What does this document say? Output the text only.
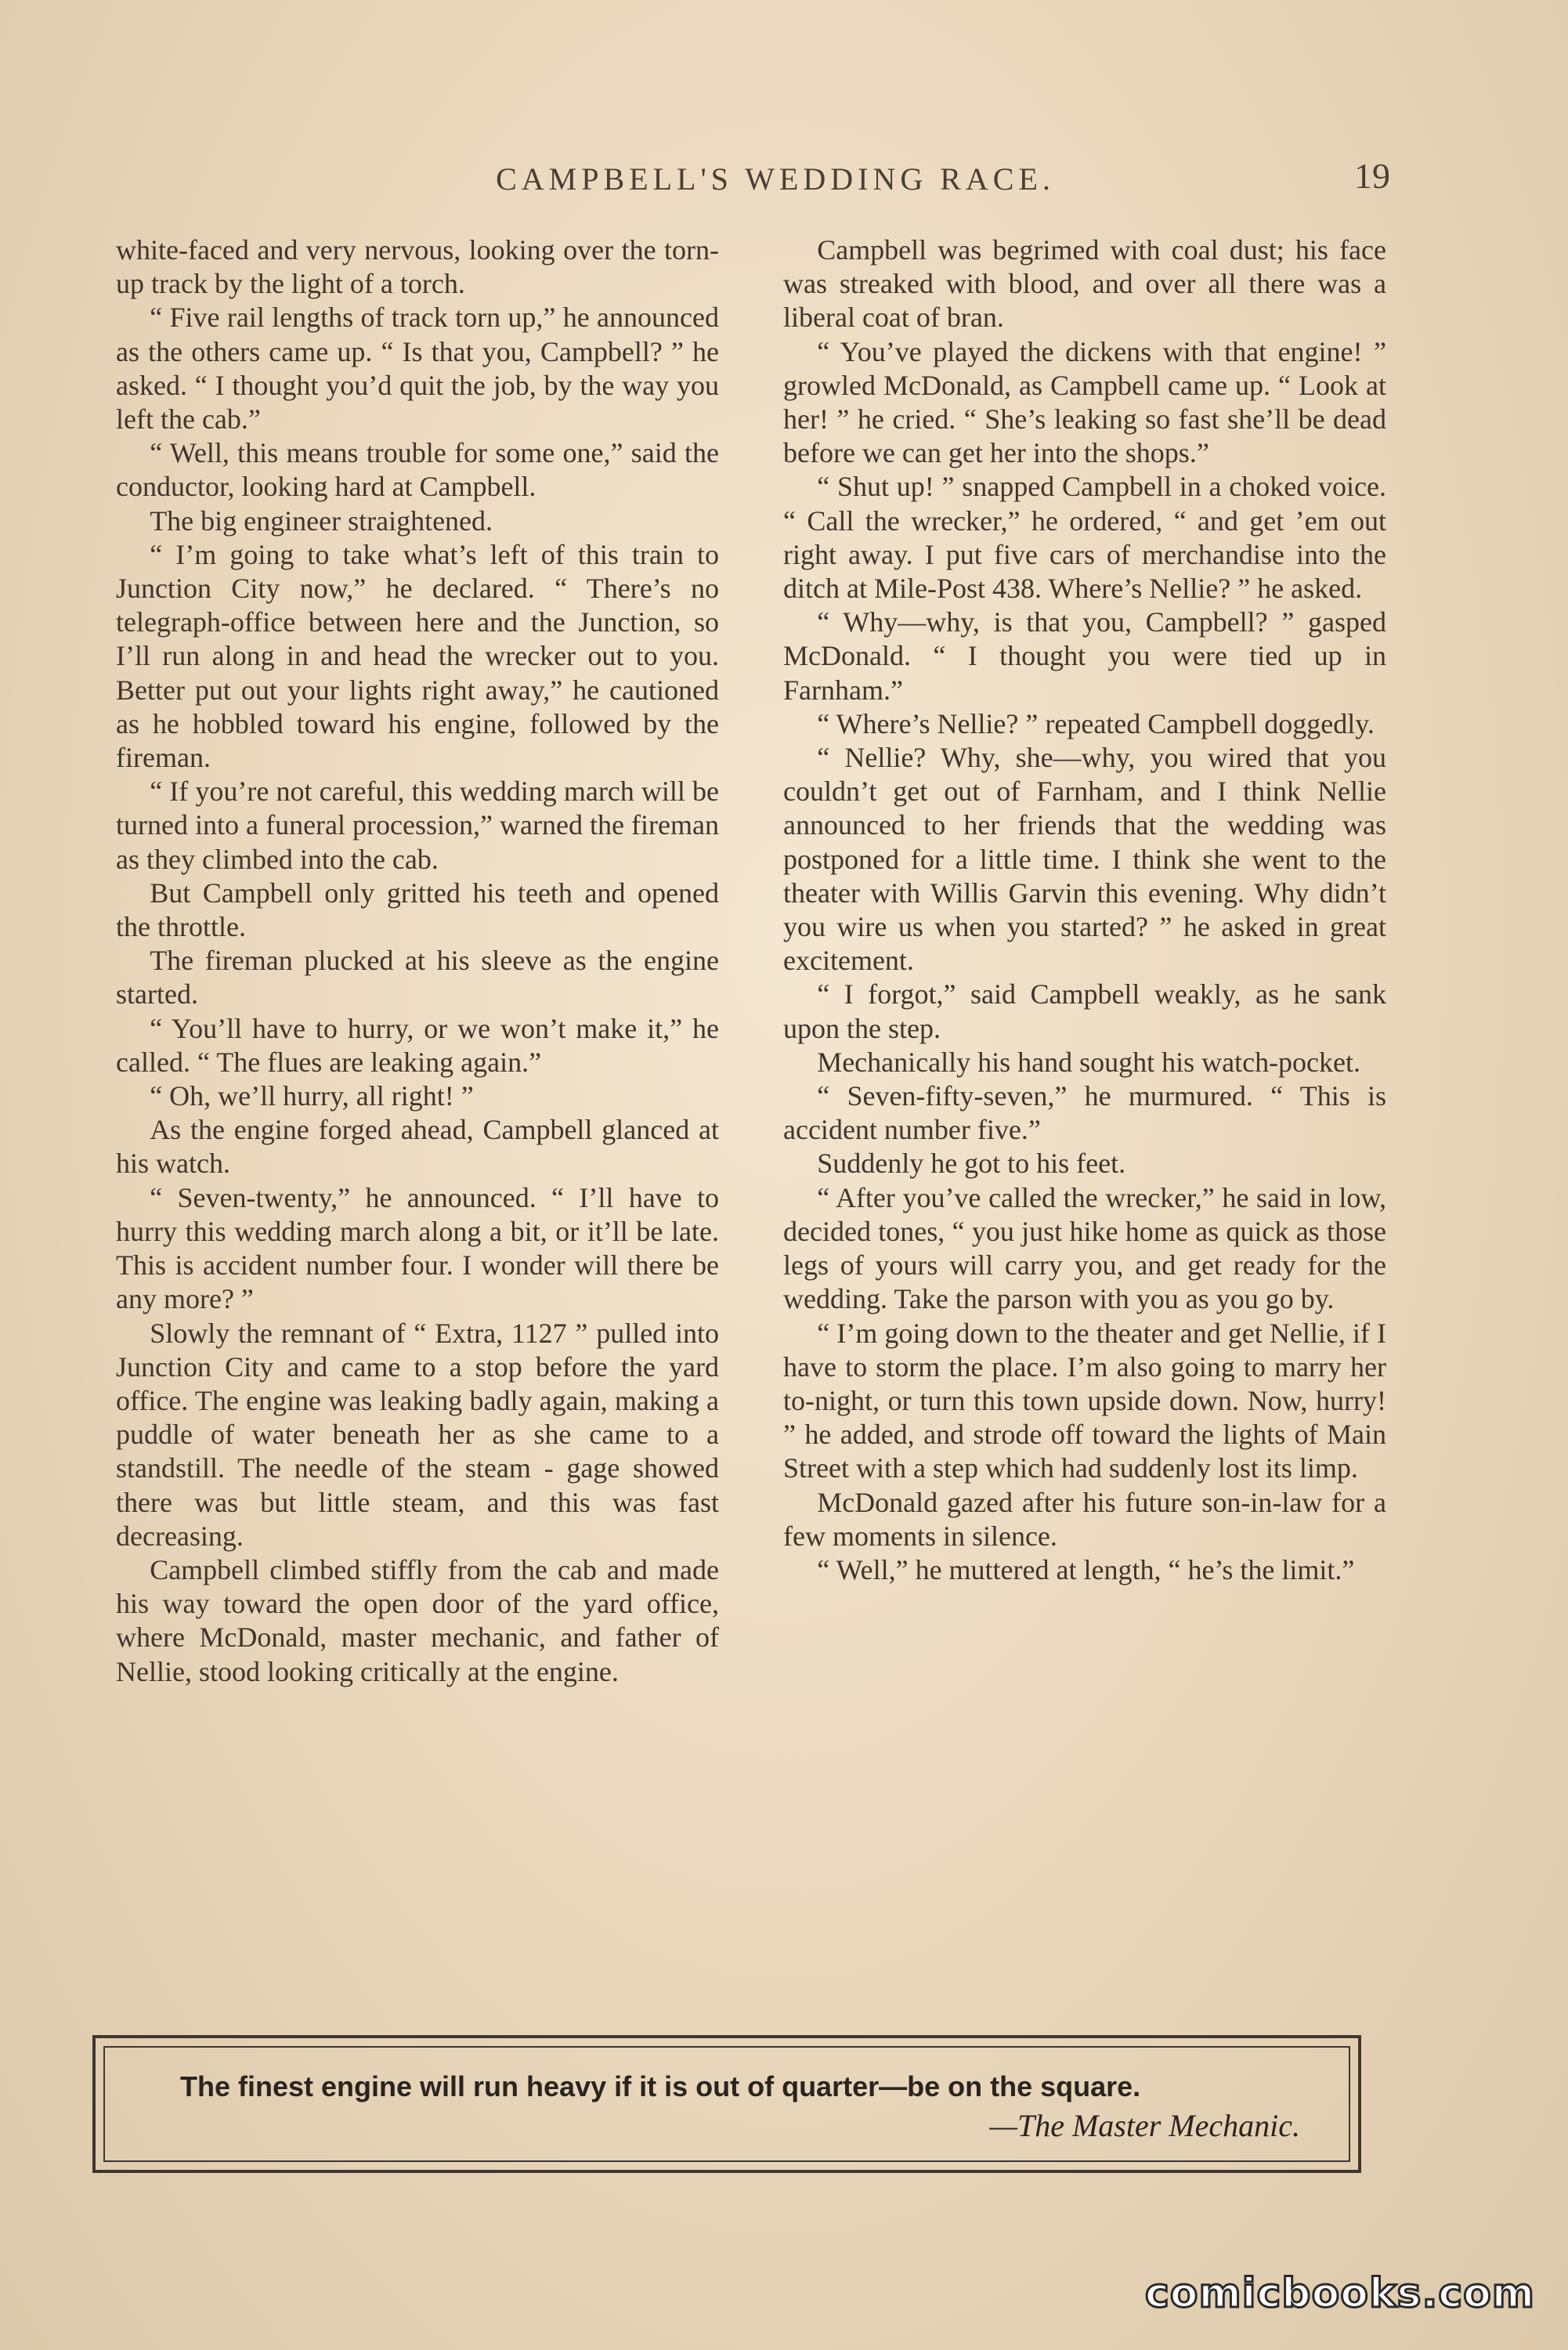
CAMPBELL'S WEDDING RACE.	19

white-faced and very nervous, looking over the torn-up track by the light of a torch.

“ Five rail lengths of track torn up,” he announced as the others came up. “ Is that you, Campbell? ” he asked. “ I thought you’d quit the job, by the way you left the cab.”

“ Well, this means trouble for some one,” said the conductor, looking hard at Campbell.

The big engineer straightened.

“ I’m going to take what’s left of this train to Junction City now,” he declared. “ There’s no telegraph-office between here and the Junction, so I’ll run along in and head the wrecker out to you. Better put out your lights right away,” he cautioned as he hobbled toward his engine, followed by the fireman.

“ If you’re not careful, this wedding march will be turned into a funeral procession,” warned the fireman as they climbed into the cab.

But Campbell only gritted his teeth and opened the throttle.

The fireman plucked at his sleeve as the engine started.

“ You’ll have to hurry, or we won’t make it,” he called. “ The flues are leaking again.”

“ Oh, we’ll hurry, all right! ”

As the engine forged ahead, Campbell glanced at his watch.

“ Seven-twenty,” he announced. “ I’ll have to hurry this wedding march along a bit, or it’ll be late. This is accident number four. I wonder will there be any more? ”

Slowly the remnant of “ Extra, 1127 ” pulled into Junction City and came to a stop before the yard office. The engine was leaking badly again, making a puddle of water beneath her as she came to a standstill. The needle of the steam - gage showed there was but little steam, and this was fast decreasing.

Campbell climbed stiffly from the cab and made his way toward the open door of the yard office, where McDonald, master mechanic, and father of Nellie, stood looking critically at the engine.

Campbell was begrimed with coal dust; his face was streaked with blood, and over all there was a liberal coat of bran.

“ You’ve played the dickens with that engine! ” growled McDonald, as Campbell came up. “ Look at her! ” he cried. “ She’s leaking so fast she’ll be dead before we can get her into the shops.”

“ Shut up! ” snapped Campbell in a choked voice. “ Call the wrecker,” he ordered, “ and get ’em out right away. I put five cars of merchandise into the ditch at Mile-Post 438. Where’s Nellie? ” he asked.

“ Why—why, is that you, Campbell? ” gasped McDonald. “ I thought you were tied up in Farnham.”

“ Where’s Nellie? ” repeated Campbell doggedly.

“ Nellie? Why, she—why, you wired that you couldn’t get out of Farnham, and I think Nellie announced to her friends that the wedding was postponed for a little time. I think she went to the theater with Willis Garvin this evening. Why didn’t you wire us when you started? ” he asked in great excitement.

“ I forgot,” said Campbell weakly, as he sank upon the step.

Mechanically his hand sought his watch-pocket.

“ Seven-fifty-seven,” he murmured. “ This is accident number five.”

Suddenly he got to his feet.

“ After you’ve called the wrecker,” he said in low, decided tones, “ you just hike home as quick as those legs of yours will carry you, and get ready for the wedding. Take the parson with you as you go by.

“ I’m going down to the theater and get Nellie, if I have to storm the place. I’m also going to marry her to-night, or turn this town upside down. Now, hurry! ” he added, and strode off toward the lights of Main Street with a step which had suddenly lost its limp.

McDonald gazed after his future son-in-law for a few moments in silence.

“ Well,” he muttered at length, “ he’s the limit.”

The finest engine will run heavy if it is out of quarter—be on the square.
—The Master Mechanic.
comicbooks.com
